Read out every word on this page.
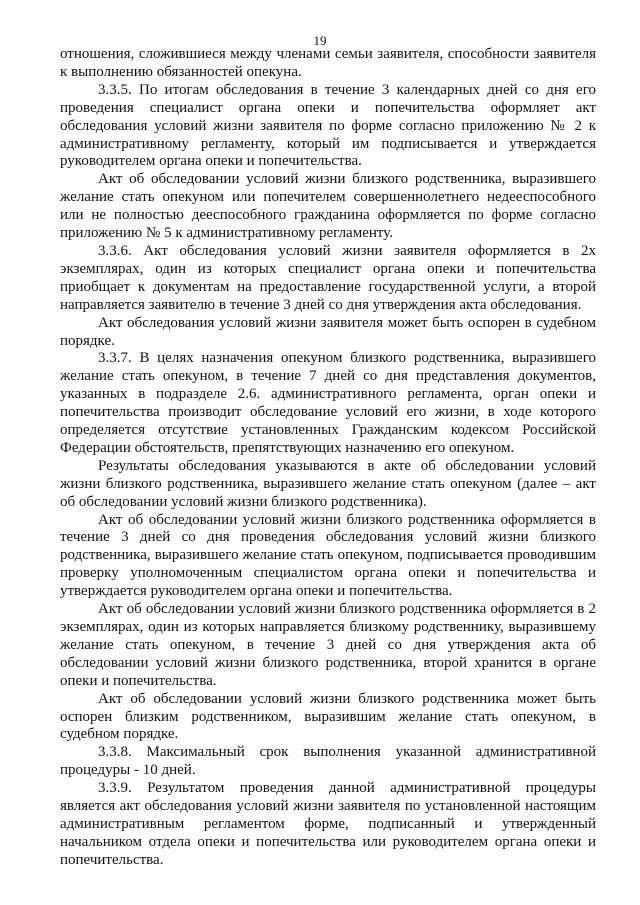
19

отношения, сложившиеся между членами семьи заявителя, способности заявителя к выполнению обязанностей опекуна.

3.3.5. По итогам обследования в течение 3 календарных дней со дня его проведения специалист органа опеки и попечительства оформляет акт обследования условий жизни заявителя по форме согласно приложению № 2 к административному регламенту, который им подписывается и утверждается руководителем органа опеки и попечительства.

Акт об обследовании условий жизни близкого родственника, выразившего желание стать опекуном или попечителем совершеннолетнего недееспособного или не полностью дееспособного гражданина оформляется по форме согласно приложению № 5 к административному регламенту.

3.3.6. Акт обследования условий жизни заявителя оформляется в 2х экземплярах, один из которых специалист органа опеки и попечительства приобщает к документам на предоставление государственной услуги, а второй направляется заявителю в течение 3 дней со дня утверждения акта обследования.

Акт обследования условий жизни заявителя может быть оспорен в судебном порядке.

3.3.7. В целях назначения опекуном близкого родственника, выразившего желание стать опекуном, в течение 7 дней со дня представления документов, указанных в подразделе 2.6. административного регламента, орган опеки и попечительства производит обследование условий его жизни, в ходе которого определяется отсутствие установленных Гражданским кодексом Российской Федерации обстоятельств, препятствующих назначению его опекуном.

Результаты обследования указываются в акте об обследовании условий жизни близкого родственника, выразившего желание стать опекуном (далее – акт об обследовании условий жизни близкого родственника).

Акт об обследовании условий жизни близкого родственника оформляется в течение 3 дней со дня проведения обследования условий жизни близкого родственника, выразившего желание стать опекуном, подписывается проводившим проверку уполномоченным специалистом органа опеки и попечительства и утверждается руководителем органа опеки и попечительства.

Акт об обследовании условий жизни близкого родственника оформляется в 2 экземплярах, один из которых направляется близкому родственнику, выразившему желание стать опекуном, в течение 3 дней со дня утверждения акта об обследовании условий жизни близкого родственника, второй хранится в органе опеки и попечительства.

Акт об обследовании условий жизни близкого родственника может быть оспорен близким родственником, выразившим желание стать опекуном, в судебном порядке.

3.3.8. Максимальный срок выполнения указанной административной процедуры - 10 дней.

3.3.9. Результатом проведения данной административной процедуры является акт обследования условий жизни заявителя по установленной настоящим административным регламентом форме, подписанный и утвержденный начальником отдела опеки и попечительства или руководителем органа опеки и попечительства.
